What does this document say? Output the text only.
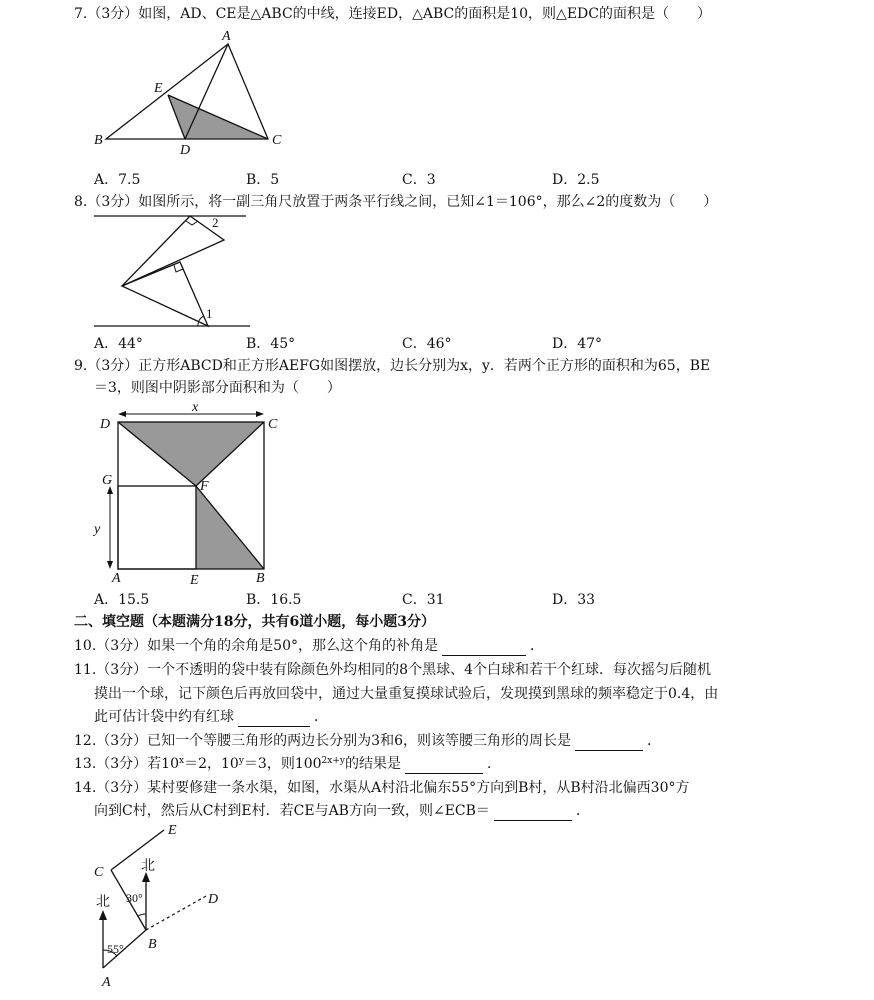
7.（3分）如图，AD、CE是△ABC的中线，连接ED，△ABC的面积是10，则△EDC的面积是（　　）
A
B	C
D
E
A．7.5	B．5	C．3	D．2.5
8.（3分）如图所示，将一副三角尺放置于两条平行线之间，已知∠1＝106°，那么∠2的度数为（　　）
1
2
A．44°	B．45°	C．46°	D．47°
9.（3分）正方形ABCD和正方形AEFG如图摆放，边长分别为x，y．若两个正方形的面积和为65，BE
＝3，则图中阴影部分面积和为（　　）
x
y
D	C
G	F
A	E	B
A．15.5	B．16.5	C．31	D．33
二、填空题（本题满分18分，共有6道小题，每小题3分）
10.（3分）如果一个角的余角是50°，那么这个角的补角是	．
11.（3分）一个不透明的袋中装有除颜色外均相同的8个黑球、4个白球和若干个红球．每次摇匀后随机
摸出一个球，记下颜色后再放回袋中，通过大量重复摸球试验后，发现摸到黑球的频率稳定于0.4，由
此可估计袋中约有红球	．
12.（3分）已知一个等腰三角形的两边长分别为3和6，则该等腰三角形的周长是	．
13.（3分）若$10^x=2$，$10^y=3$，则$100^{2x+y}$的结果是	．
14.（3分）某村要修建一条水渠，如图，水渠从A村沿北偏东55°方向到B村，从B村沿北偏西30°方
向到C村，然后从C村到E村．若CE与AB方向一致，则∠ECB＝	．
E
C
D
B
A
北
北
55°
30°
